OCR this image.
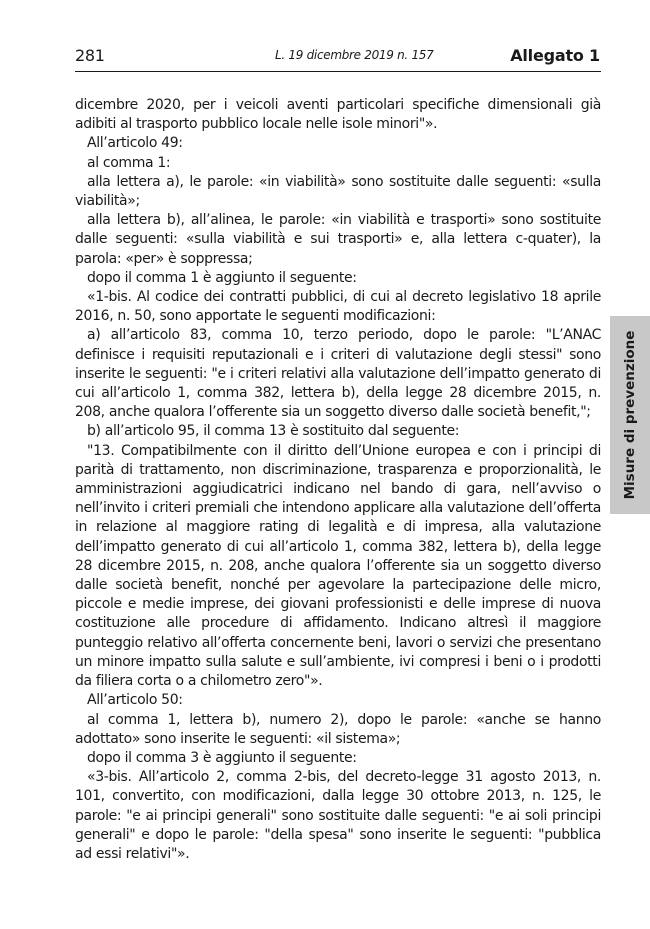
281	L. 19 dicembre 2019 n. 157	Allegato 1

dicembre 2020, per i veicoli aventi particolari specifiche dimensionali già adibiti al trasporto pubblico locale nelle isole minori"».

All’articolo 49:

al comma 1:

alla lettera a), le parole: «in viabilità» sono sostituite dalle seguenti: «sulla viabilità»;

alla lettera b), all’alinea, le parole: «in viabilità e trasporti» sono sostituite dalle seguenti: «sulla viabilità e sui trasporti» e, alla lettera c-quater), la parola: «per» è soppressa;

dopo il comma 1 è aggiunto il seguente:

«1-bis. Al codice dei contratti pubblici, di cui al decreto legislativo 18 aprile 2016, n. 50, sono apportate le seguenti modificazioni:

a) all’articolo 83, comma 10, terzo periodo, dopo le parole: "L’ANAC definisce i requisiti reputazionali e i criteri di valutazione degli stessi" sono inserite le seguenti: "e i criteri relativi alla valutazione dell’impatto generato di cui all’articolo 1, comma 382, lettera b), della legge 28 dicembre 2015, n. 208, anche qualora l’offerente sia un soggetto diverso dalle società benefit,";

b) all’articolo 95, il comma 13 è sostituito dal seguente:

"13. Compatibilmente con il diritto dell’Unione europea e con i principi di parità di trattamento, non discriminazione, trasparenza e proporzionalità, le amministrazioni aggiudicatrici indicano nel bando di gara, nell’avviso o nell’invito i criteri premiali che intendono applicare alla valutazione dell’offerta in relazione al maggiore rating di legalità e di impresa, alla valutazione dell’impatto generato di cui all’articolo 1, comma 382, lettera b), della legge 28 dicembre 2015, n. 208, anche qualora l’offerente sia un soggetto diverso dalle società benefit, nonché per agevolare la partecipazione delle micro, piccole e medie imprese, dei giovani professionisti e delle imprese di nuova costituzione alle procedure di affidamento. Indicano altresì il maggiore punteggio relativo all’offerta concernente beni, lavori o servizi che presentano un minore impatto sulla salute e sull’ambiente, ivi compresi i beni o i prodotti da filiera corta o a chilometro zero"».

All’articolo 50:

al comma 1, lettera b), numero 2), dopo le parole: «anche se hanno adottato» sono inserite le seguenti: «il sistema»;

dopo il comma 3 è aggiunto il seguente:

«3-bis. All’articolo 2, comma 2-bis, del decreto-legge 31 agosto 2013, n. 101, convertito, con modificazioni, dalla legge 30 ottobre 2013, n. 125, le parole: "e ai principi generali" sono sostituite dalle seguenti: "e ai soli principi generali" e dopo le parole: "della spesa" sono inserite le seguenti: "pubblica ad essi relativi"».

Misure di prevenzione
